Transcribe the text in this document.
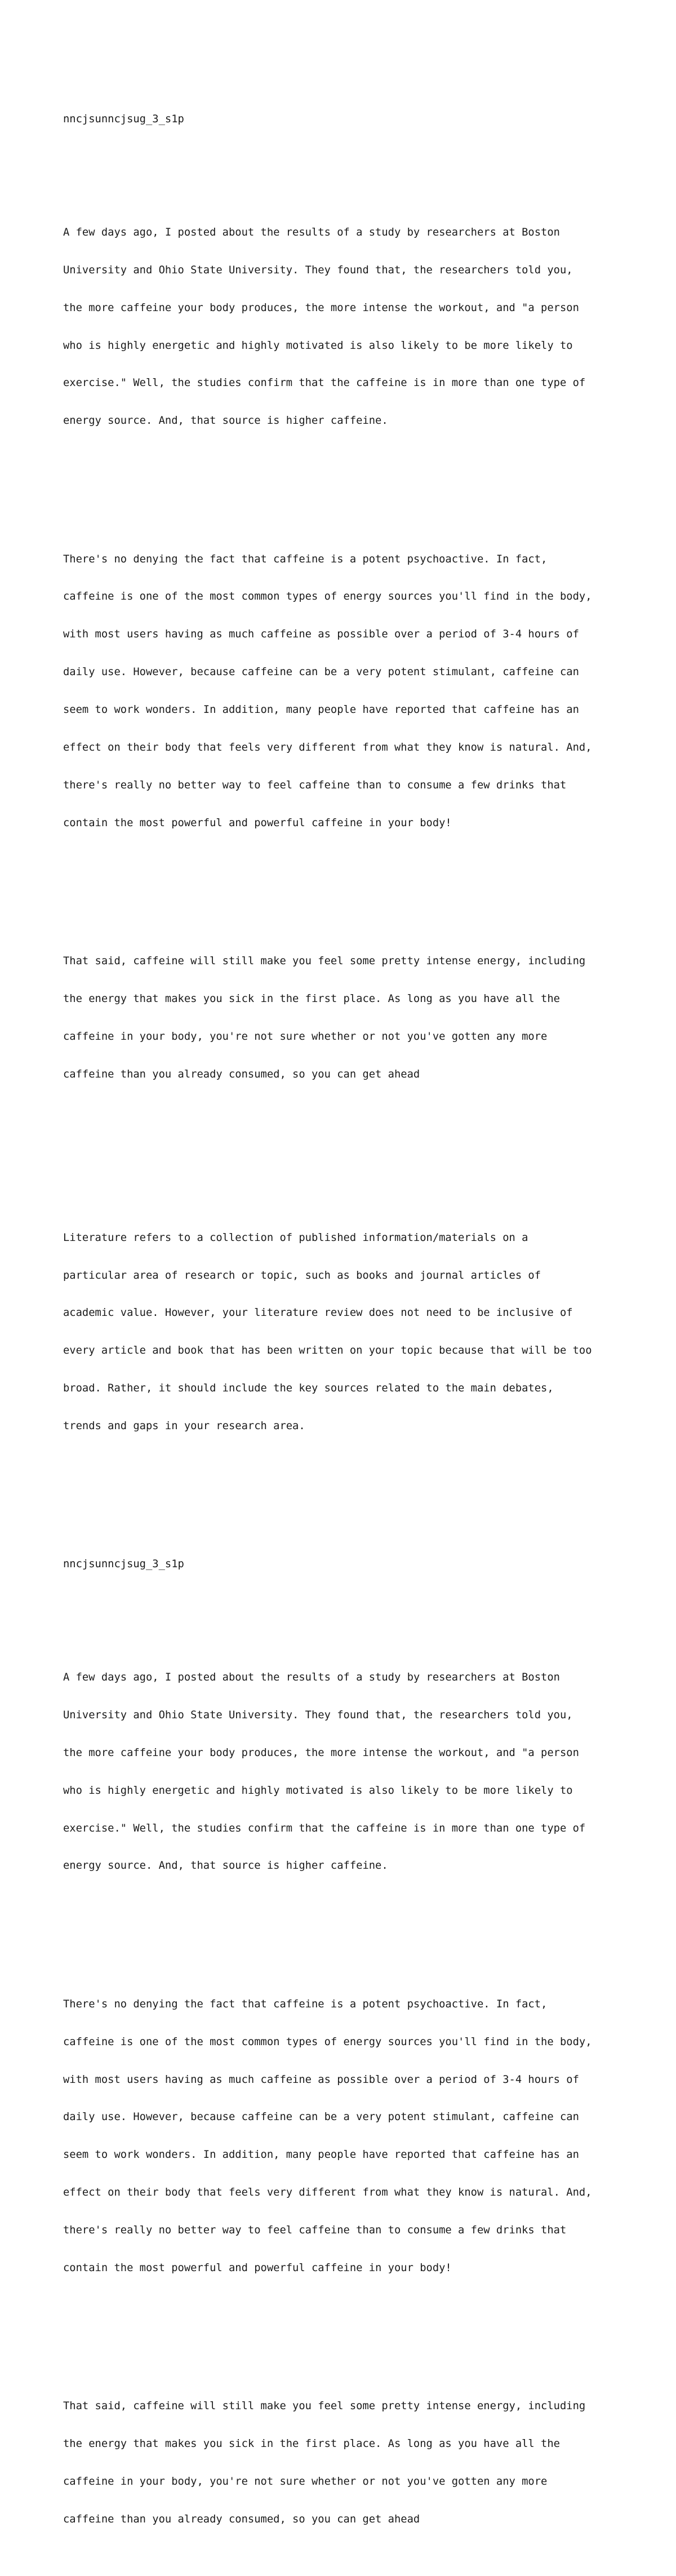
nncjsunncjsug_3_s1p

A few days ago, I posted about the results of a study by researchers at Boston

University and Ohio State University. They found that, the researchers told you,

the more caffeine your body produces, the more intense the workout, and "a person

who is highly energetic and highly motivated is also likely to be more likely to

exercise." Well, the studies confirm that the caffeine is in more than one type of

energy source. And, that source is higher caffeine.

There's no denying the fact that caffeine is a potent psychoactive. In fact,

caffeine is one of the most common types of energy sources you'll find in the body,

with most users having as much caffeine as possible over a period of 3-4 hours of

daily use. However, because caffeine can be a very potent stimulant, caffeine can

seem to work wonders. In addition, many people have reported that caffeine has an

effect on their body that feels very different from what they know is natural. And,

there's really no better way to feel caffeine than to consume a few drinks that

contain the most powerful and powerful caffeine in your body!

That said, caffeine will still make you feel some pretty intense energy, including

the energy that makes you sick in the first place. As long as you have all the

caffeine in your body, you're not sure whether or not you've gotten any more

caffeine than you already consumed, so you can get ahead

Literature refers to a collection of published information/materials on a

particular area of research or topic, such as books and journal articles of

academic value. However, your literature review does not need to be inclusive of

every article and book that has been written on your topic because that will be too

broad. Rather, it should include the key sources related to the main debates,

trends and gaps in your research area.

nncjsunncjsug_3_s1p

A few days ago, I posted about the results of a study by researchers at Boston

University and Ohio State University. They found that, the researchers told you,

the more caffeine your body produces, the more intense the workout, and "a person

who is highly energetic and highly motivated is also likely to be more likely to

exercise." Well, the studies confirm that the caffeine is in more than one type of

energy source. And, that source is higher caffeine.

There's no denying the fact that caffeine is a potent psychoactive. In fact,

caffeine is one of the most common types of energy sources you'll find in the body,

with most users having as much caffeine as possible over a period of 3-4 hours of

daily use. However, because caffeine can be a very potent stimulant, caffeine can

seem to work wonders. In addition, many people have reported that caffeine has an

effect on their body that feels very different from what they know is natural. And,

there's really no better way to feel caffeine than to consume a few drinks that

contain the most powerful and powerful caffeine in your body!

That said, caffeine will still make you feel some pretty intense energy, including

the energy that makes you sick in the first place. As long as you have all the

caffeine in your body, you're not sure whether or not you've gotten any more

caffeine than you already consumed, so you can get ahead
